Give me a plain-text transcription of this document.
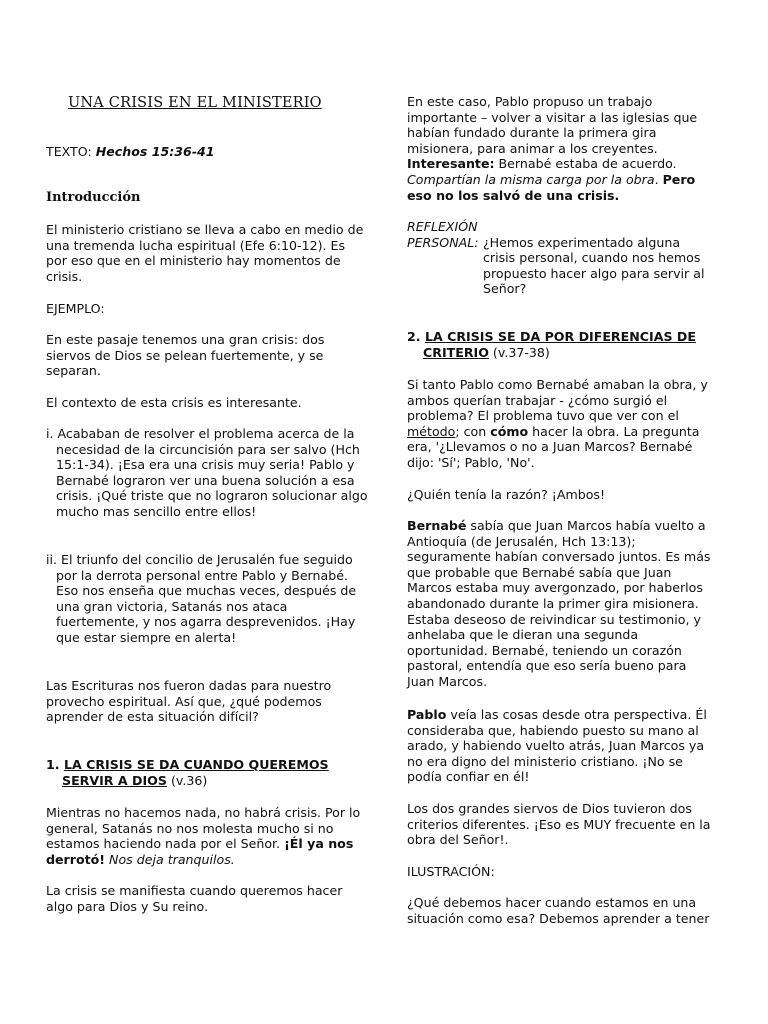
UNA CRISIS EN EL MINISTERIO

TEXTO: Hechos 15:36-41

Introducción

El ministerio cristiano se lleva a cabo en medio de una tremenda lucha espiritual (Efe 6:10-12). Es por eso que en el ministerio hay momentos de crisis.

EJEMPLO:

En este pasaje tenemos una gran crisis: dos siervos de Dios se pelean fuertemente, y se separan.

El contexto de esta crisis es interesante.

i. Acababan de resolver el problema acerca de la necesidad de la circuncisión para ser salvo (Hch 15:1-34). ¡Esa era una crisis muy seria! Pablo y Bernabé lograron ver una buena solución a esa crisis. ¡Qué triste que no lograron solucionar algo mucho mas sencillo entre ellos!

ii. El triunfo del concilio de Jerusalén fue seguido por la derrota personal entre Pablo y Bernabé. Eso nos enseña que muchas veces, después de una gran victoria, Satanás nos ataca fuertemente, y nos agarra desprevenidos. ¡Hay que estar siempre en alerta!

Las Escrituras nos fueron dadas para nuestro provecho espiritual. Así que, ¿qué podemos aprender de esta situación difícil?

1. LA CRISIS SE DA CUANDO QUEREMOS SERVIR A DIOS (v.36)

Mientras no hacemos nada, no habrá crisis. Por lo general, Satanás no nos molesta mucho si no estamos haciendo nada por el Señor. ¡Él ya nos derrotó! Nos deja tranquilos.

La crisis se manifiesta cuando queremos hacer algo para Dios y Su reino.

En este caso, Pablo propuso un trabajo importante – volver a visitar a las iglesias que habían fundado durante la primera gira misionera, para animar a los creyentes. Interesante: Bernabé estaba de acuerdo. Compartían la misma carga por la obra. Pero eso no los salvó de una crisis.

REFLEXIÓN
PERSONAL: ¿Hemos experimentado alguna crisis personal, cuando nos hemos propuesto hacer algo para servir al Señor?

2. LA CRISIS SE DA POR DIFERENCIAS DE CRITERIO (v.37-38)

Si tanto Pablo como Bernabé amaban la obra, y ambos querían trabajar - ¿cómo surgió el problema? El problema tuvo que ver con el método; con cómo hacer la obra. La pregunta era, '¿Llevamos o no a Juan Marcos? Bernabé dijo: 'Sí'; Pablo, 'No'.

¿Quién tenía la razón? ¡Ambos!

Bernabé sabía que Juan Marcos había vuelto a Antioquía (de Jerusalén, Hch 13:13); seguramente habían conversado juntos. Es más que probable que Bernabé sabía que Juan Marcos estaba muy avergonzado, por haberlos abandonado durante la primer gira misionera. Estaba deseoso de reivindicar su testimonio, y anhelaba que le dieran una segunda oportunidad. Bernabé, teniendo un corazón pastoral, entendía que eso sería bueno para Juan Marcos.

Pablo veía las cosas desde otra perspectiva. Él consideraba que, habiendo puesto su mano al arado, y habiendo vuelto atrás, Juan Marcos ya no era digno del ministerio cristiano. ¡No se podía confiar en él!

Los dos grandes siervos de Dios tuvieron dos criterios diferentes. ¡Eso es MUY frecuente en la obra del Señor!.

ILUSTRACIÓN:

¿Qué debemos hacer cuando estamos en una situación como esa? Debemos aprender a tener
